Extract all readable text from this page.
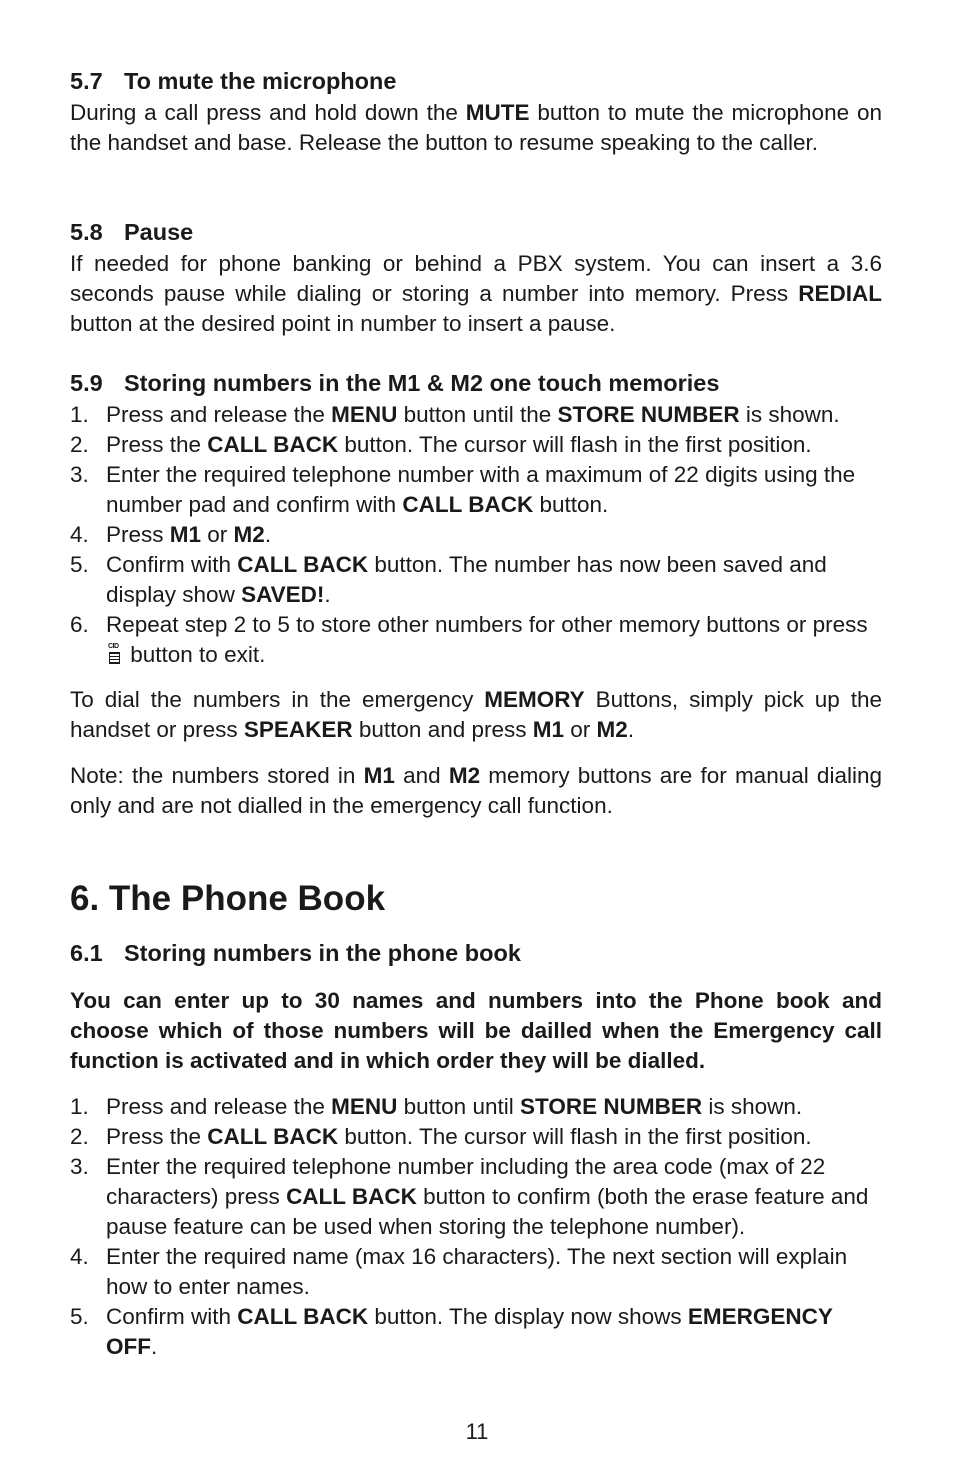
5.7 To mute the microphone
During a call press and hold down the MUTE button to mute the microphone on the handset and base. Release the button to resume speaking to the caller.
5.8 Pause
If needed for phone banking or behind a PBX system. You can insert a 3.6 seconds pause while dialing or storing a number into memory. Press REDIAL button at the desired point in number to insert a pause.
5.9 Storing numbers in the M1 & M2 one touch memories
1. Press and release the MENU button until the STORE NUMBER is shown.
2. Press the CALL BACK button. The cursor will flash in the first position.
3. Enter the required telephone number with a maximum of 22 digits using the number pad and confirm with CALL BACK button.
4. Press M1 or M2.
5. Confirm with CALL BACK button. The number has now been saved and display show SAVED!.
6. Repeat step 2 to 5 to store other numbers for other memory buttons or press
CID button to exit.
To dial the numbers in the emergency MEMORY Buttons, simply pick up the handset or press SPEAKER button and press M1 or M2.
Note: the numbers stored in M1 and M2 memory buttons are for manual dialing only and are not dialled in the emergency call function.
6. The Phone Book
6.1 Storing numbers in the phone book
You can enter up to 30 names and numbers into the Phone book and choose which of those numbers will be dailled when the Emergency call function is activated and in which order they will be dialled.
1. Press and release the MENU button until STORE NUMBER is shown.
2. Press the CALL BACK button. The cursor will flash in the first position.
3. Enter the required telephone number including the area code (max of 22 characters) press CALL BACK button to confirm (both the erase feature and pause feature can be used when storing the telephone number).
4. Enter the required name (max 16 characters). The next section will explain how to enter names.
5. Confirm with CALL BACK button. The display now shows EMERGENCY OFF.
11
